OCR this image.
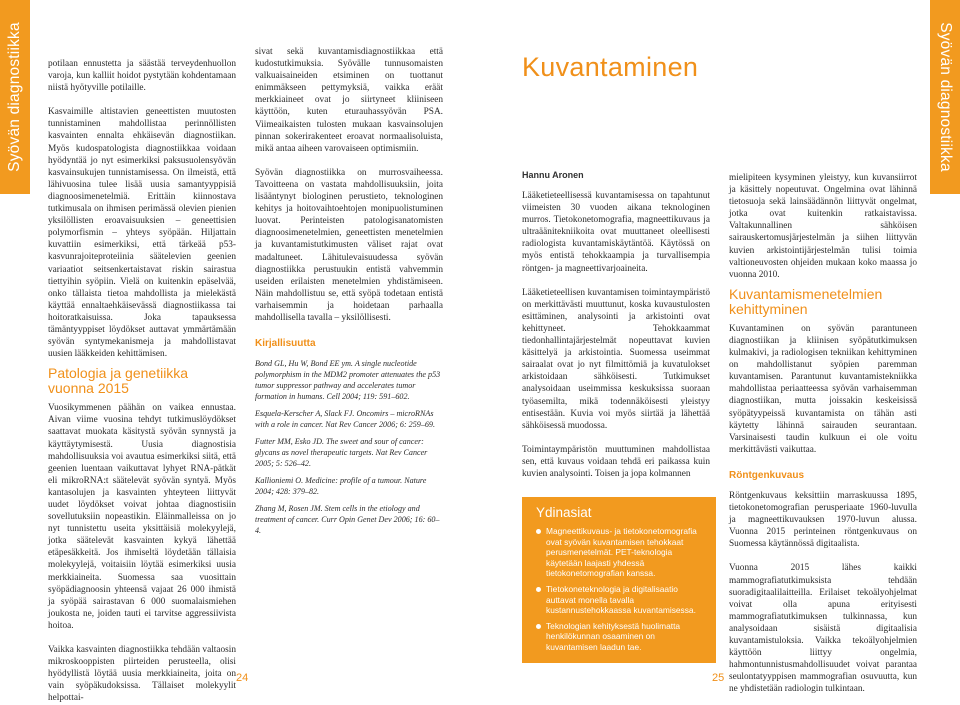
Syövän diagnostiikka	Syövän diagnostiikka

potilaan ennustetta ja säästää terveydenhuollon varoja, kun kalliit hoidot pystytään kohdentamaan niistä hyötyville potilaille.

Kasvaimille altistavien geneettisten muutosten tunnistaminen mahdollistaa perinnöllisten kasvainten ennalta ehkäisevän diagnostiikan. Myös kudospatologista diagnostiikkaa voidaan hyödyntää jo nyt esimerkiksi paksusuolensyövän kasvainsukujen tunnistamisessa. On ilmeistä, että lähivuosina tulee lisää uusia samantyyppisiä diagnoosimenetelmiä. Erittäin kiinnostava tutkimusala on ihmisen perimässä olevien pienien yksilöllisten eroavaisuuksien – geneettisien polymorfismin – yhteys syöpään. Hiljattain kuvattiin esimerkiksi, että tärkeää p53-kasvunrajoiteproteiinia säätelevien geenien variaatiot seitsenkertaistavat riskin sairastua tiettyihin syöpiin. Vielä on kuitenkin epäselvää, onko tällaista tietoa mahdollista ja mielekästä käyttää ennaltaehkäisevässä diagnostiikassa tai hoitoratkaisuissa. Joka tapauksessa tämäntyyppiset löydökset auttavat ymmärtämään syövän syntymekanismeja ja mahdollistavat uusien lääkkeiden kehittämisen.

Patologia ja genetiikka vuonna 2015

Vuosikymmenen päähän on vaikea ennustaa. Aivan viime vuosina tehdyt tutkimuslöydökset saattavat muokata käsitystä syövän synnystä ja käyttäytymisestä. Uusia diagnostisia mahdollisuuksia voi avautua esimerkiksi siitä, että geenien luentaan vaikuttavat lyhyet RNA-pätkät eli mikroRNA:t säätelevät syövän syntyä. Myös kantasolujen ja kasvainten yhteyteen liittyvät uudet löydökset voivat johtaa diagnostisiin sovellutuksiin nopeastikin. Eläinmalleissa on jo nyt tunnistettu useita yksittäisiä molekyylejä, jotka säätelevät kasvainten kykyä lähettää etäpesäkkeitä. Jos ihmiseltä löydetään tällaisia molekyylejä, voitaisiin löytää esimerkiksi uusia merkkiaineita. Suomessa saa vuosittain syöpädiagnoosin yhteensä vajaat 26 000 ihmistä ja syöpää sairastavan 6 000 suomalaismiehen joukosta ne, joiden tauti ei tarvitse aggressiivista hoitoa.

Vaikka kasvainten diagnostiikka tehdään valtaosin mikroskooppisten piirteiden perusteella, olisi hyödyllistä löytää uusia merkkiaineita, joita on vain syöpäkudoksissa. Tällaiset molekyylit helpottai-

sivat sekä kuvantamisdiagnostiikkaa että kudostutkimuksia. Syövälle tunnusomaisten valkuaisaineiden etsiminen on tuottanut enimmäkseen pettymyksiä, vaikka eräät merkkiaineet ovat jo siirtyneet kliiniseen käyttöön, kuten eturauhassyövän PSA. Viimeaikaisten tulosten mukaan kasvainsolujen pinnan sokerirakenteet eroavat normaalisoluista, mikä antaa aiheen varovaiseen optimismiin.

Syövän diagnostiikka on murrosvaiheessa. Tavoitteena on vastata mahdollisuuksiin, joita lisääntynyt biologinen perustieto, teknologinen kehitys ja hoitovaihtoehtojen monipuolistuminen luovat. Perinteisten patologisanatomisten diagnoosimenetelmien, geneettisten menetelmien ja kuvantamistutkimusten väliset rajat ovat madaltuneet. Lähitulevaisuudessa syövän diagnostiikka perustuukin entistä vahvemmin useiden erilaisten menetelmien yhdistämiseen. Näin mahdollistuu se, että syöpä todetaan entistä varhaisemmin ja hoidetaan parhaalla mahdollisella tavalla – yksilöllisesti.

Kirjallisuutta

Bond GL, Hu W, Bond EE ym. A single nucleotide polymorphism in the MDM2 promoter attenuates the p53 tumor suppressor pathway and accelerates tumor formation in humans. Cell 2004; 119: 591–602.

Esquela-Kerscher A, Slack FJ. Oncomirs – microRNAs with a role in cancer. Nat Rev Cancer 2006; 6: 259–69.

Futter MM, Esko JD. The sweet and sour of cancer: glycans as novel therapeutic targets. Nat Rev Cancer 2005; 5: 526–42.

Kallioniemi O. Medicine: profile of a tumour. Nature 2004; 428: 379–82.

Zhang M, Rosen JM. Stem cells in the etiology and treatment of cancer. Curr Opin Genet Dev 2006; 16: 60–4.

Kuvantaminen
Hannu Aronen

Lääketieteellisessä kuvantamisessa on tapahtunut viimeisten 30 vuoden aikana teknologinen murros. Tietokonetomografia, magneettikuvaus ja ultraäänitekniikoita ovat muuttaneet oleellisesti radiologista kuvantamiskäytäntöä. Käytössä on myös entistä tehokkaampia ja turvallisempia röntgen- ja magneettivarjoaineita.

Lääketieteellisen kuvantamisen toimintaympäristö on merkittävästi muuttunut, koska kuvaustulosten esittäminen, analysointi ja arkistointi ovat kehittyneet. Tehokkaammat tiedonhallintajärjestelmät nopeuttavat kuvien käsittelyä ja arkistointia. Suomessa useimmat sairaalat ovat jo nyt filmittömiä ja kuvatulokset arkistoidaan sähköisesti. Tutkimukset analysoidaan useimmissa keskuksissa suoraan työasemilta, mikä todennäköisesti yleistyy entisestään. Kuvia voi myös siirtää ja lähettää sähköisessä muodossa.

Toimintaympäristön muuttuminen mahdollistaa sen, että kuvaus voidaan tehdä eri paikassa kuin kuvien analysointi. Toisen ja jopa kolmannen

Ydinasiat
Magneettikuvaus- ja tietokonetomografia ovat syövän kuvantamisen tehokkaat perusmenetelmät. PET-teknologia käytetään laajasti yhdessä tietokonetomografian kanssa.
Tietokoneteknologia ja digitalisaatio auttavat monella tavalla kustannustehokkaassa kuvantamisessa.
Teknologian kehityksestä huolimatta henkilökunnan osaaminen on kuvantamisen laadun tae.

mielipiteen kysyminen yleistyy, kun kuvansiirrot ja käsittely nopeutuvat. Ongelmina ovat lähinnä tietosuoja sekä lainsäädännön liittyvät ongelmat, jotka ovat kuitenkin ratkaistavissa. Valtakunnallinen sähköisen sairauskertomusjärjestelmän ja siihen liittyvän kuvien arkistointijärjestelmän tulisi toimia valtioneuvosten ohjeiden mukaan koko maassa jo vuonna 2010.

Kuvantamismenetelmien kehittyminen

Kuvantaminen on syövän parantuneen diagnostiikan ja kliinisen syöpätutkimuksen kulmakivi, ja radiologisen tekniikan kehittyminen on mahdollistanut syöpien paremman kuvantamisen. Parantunut kuvantamistekniikka mahdollistaa periaatteessa syövän varhaisemman diagnostiikan, mutta joissakin keskeisissä syöpätyypeissä kuvantamista on tähän asti käytetty lähinnä sairauden seurantaan. Varsinaisesti taudin kulkuun ei ole voitu merkittävästi vaikuttaa.

Röntgenkuvaus

Röntgenkuvaus keksittiin marraskuussa 1895, tietokonetomografian perusperiaate 1960-luvulla ja magneettikuvauksen 1970-luvun alussa. Vuonna 2015 perinteinen röntgenkuvaus on Suomessa käytännössä digitaalista.

Vuonna 2015 lähes kaikki mammografiatutkimuksista tehdään suoradigitaalilaitteilla. Erilaiset tekoälyohjelmat voivat olla apuna erityisesti mammografiatutkimuksen tulkinnassa, kun analysoidaan sisäistä digitaalisia kuvantamistuloksia. Vaikka tekoälyohjelmien käyttöön liittyy ongelmia, hahmontunnistusmahdollisuudet voivat parantaa seulontatyyppisen mammografian osuvuutta, kun ne yhdistetään radiologin tulkintaan.

24	25
